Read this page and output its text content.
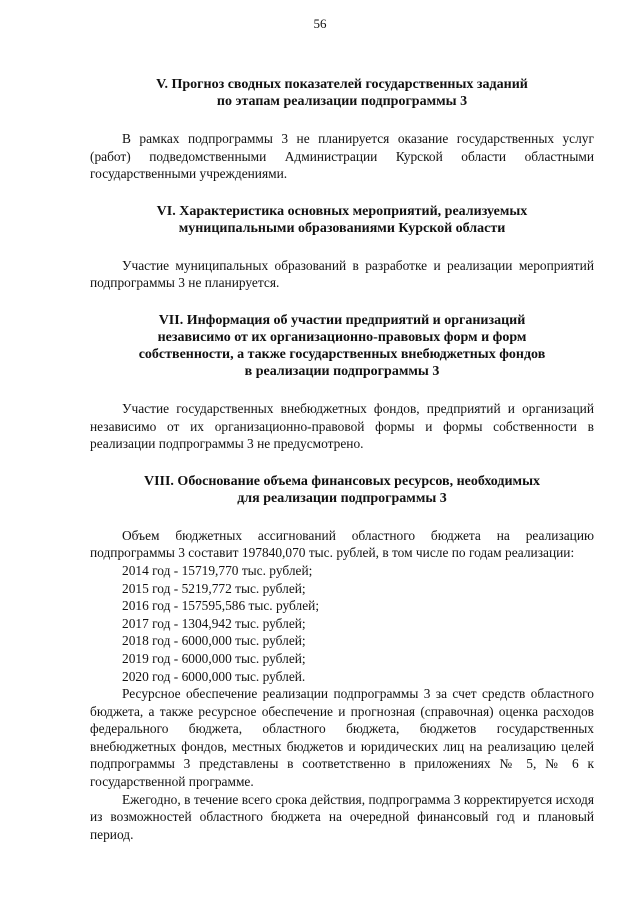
56
V. Прогноз сводных показателей государственных заданий
по этапам реализации подпрограммы 3

В рамках подпрограммы 3 не планируется оказание государственных услуг (работ) подведомственными Администрации Курской области областными государственными учреждениями.

VI. Характеристика основных мероприятий, реализуемых
муниципальными образованиями Курской области

Участие муниципальных образований в разработке и реализации мероприятий подпрограммы 3 не планируется.

VII. Информация об участии предприятий и организаций
независимо от их организационно-правовых форм и форм
собственности, а также государственных внебюджетных фондов
в реализации подпрограммы 3

Участие государственных внебюджетных фондов, предприятий и организаций независимо от их организационно-правовой формы и формы собственности в реализации подпрограммы 3 не предусмотрено.

VIII. Обоснование объема финансовых ресурсов, необходимых
для реализации подпрограммы 3

Объем бюджетных ассигнований областного бюджета на реализацию подпрограммы 3 составит 197840,070 тыс. рублей, в том числе по годам реализации:

2014 год - 15719,770 тыс. рублей;
2015 год - 5219,772 тыс. рублей;
2016 год - 157595,586 тыс. рублей;
2017 год - 1304,942 тыс. рублей;
2018 год - 6000,000 тыс. рублей;
2019 год - 6000,000 тыс. рублей;
2020 год - 6000,000 тыс. рублей.

Ресурсное обеспечение реализации подпрограммы 3 за счет средств областного бюджета, а также ресурсное обеспечение и прогнозная (справочная) оценка расходов федерального бюджета, областного бюджета, бюджетов государственных внебюджетных фондов, местных бюджетов и юридических лиц на реализацию целей подпрограммы 3 представлены в соответственно в приложениях № 5, № 6 к государственной программе.

Ежегодно, в течение всего срока действия, подпрограмма 3 корректируется исходя из возможностей областного бюджета на очередной финансовый год и плановый период.
